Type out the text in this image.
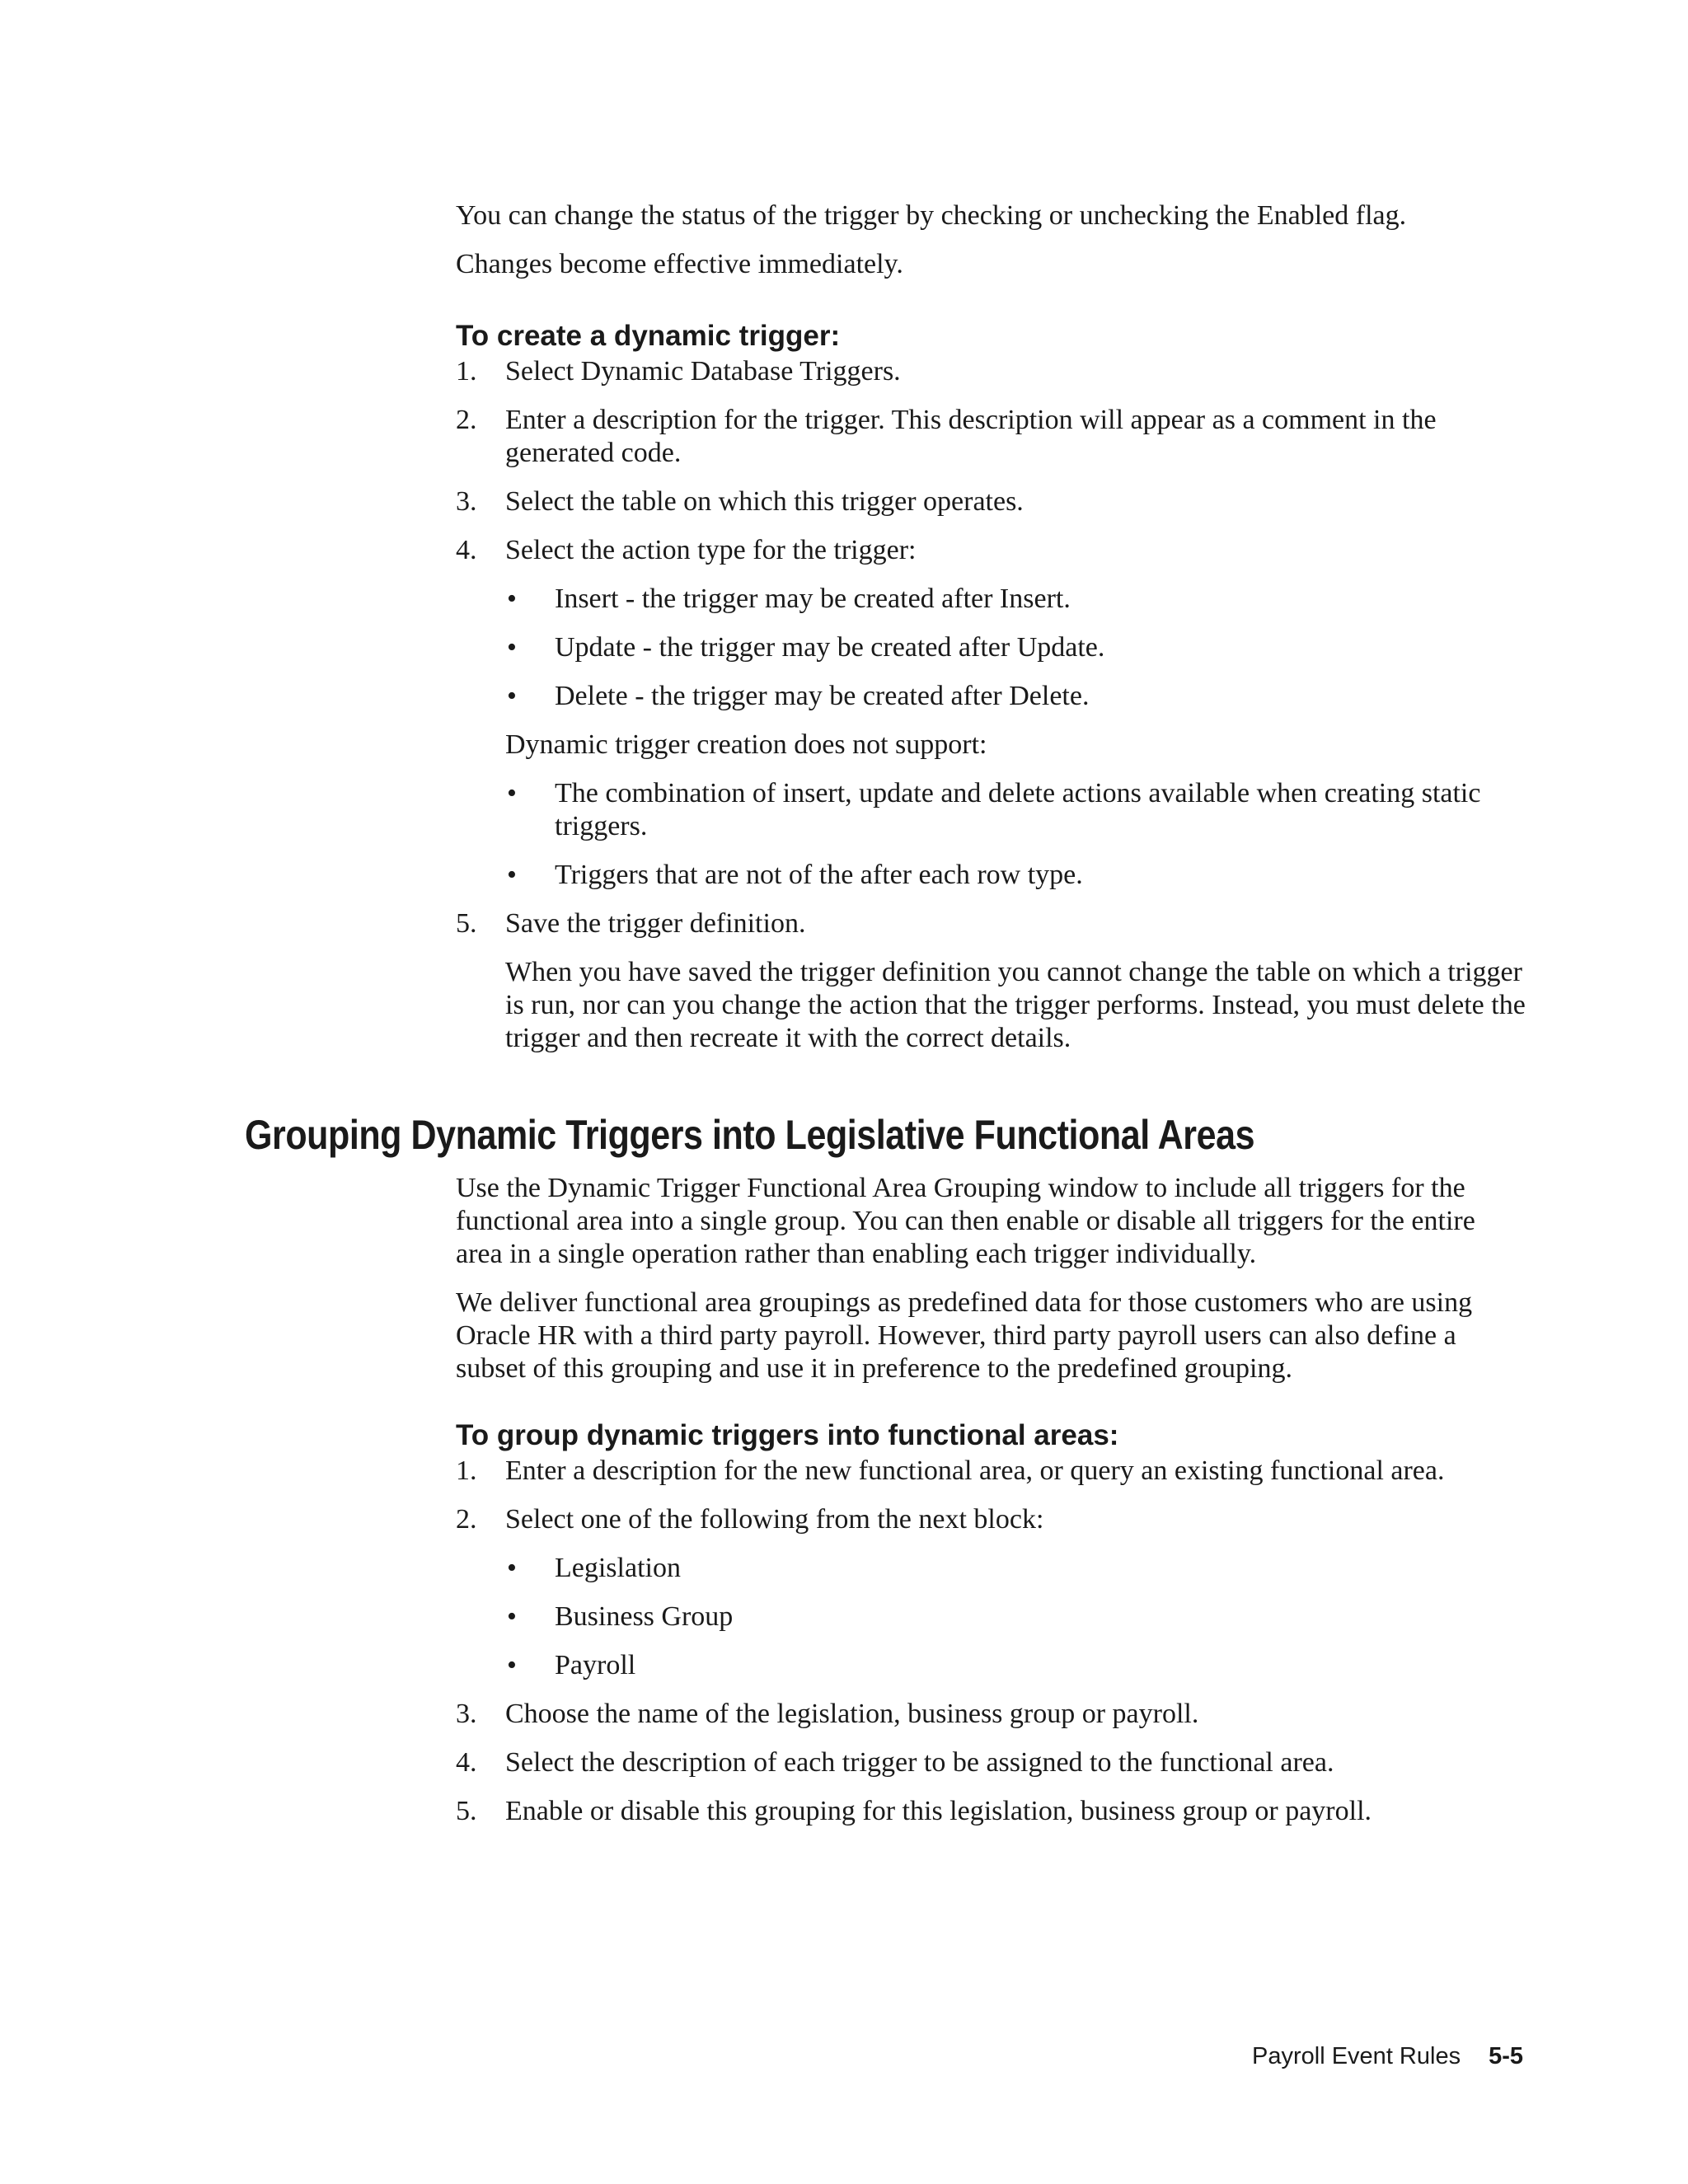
You can change the status of the trigger by checking or unchecking the Enabled flag.

Changes become effective immediately.

To create a dynamic trigger:
1. Select Dynamic Database Triggers.
2. Enter a description for the trigger. This description will appear as a comment in the generated code.
3. Select the table on which this trigger operates.
4. Select the action type for the trigger:
• Insert - the trigger may be created after Insert.
• Update - the trigger may be created after Update.
• Delete - the trigger may be created after Delete.

Dynamic trigger creation does not support:

• The combination of insert, update and delete actions available when creating static triggers.
• Triggers that are not of the after each row type.
5. Save the trigger definition.

When you have saved the trigger definition you cannot change the table on which a trigger is run, nor can you change the action that the trigger performs. Instead, you must delete the trigger and then recreate it with the correct details.

Grouping Dynamic Triggers into Legislative Functional Areas

Use the Dynamic Trigger Functional Area Grouping window to include all triggers for the functional area into a single group. You can then enable or disable all triggers for the entire area in a single operation rather than enabling each trigger individually.

We deliver functional area groupings as predefined data for those customers who are using Oracle HR with a third party payroll. However, third party payroll users can also define a subset of this grouping and use it in preference to the predefined grouping.

To group dynamic triggers into functional areas:
1. Enter a description for the new functional area, or query an existing functional area.
2. Select one of the following from the next block:
• Legislation
• Business Group
• Payroll
3. Choose the name of the legislation, business group or payroll.
4. Select the description of each trigger to be assigned to the functional area.
5. Enable or disable this grouping for this legislation, business group or payroll.
Payroll Event Rules 5-5
